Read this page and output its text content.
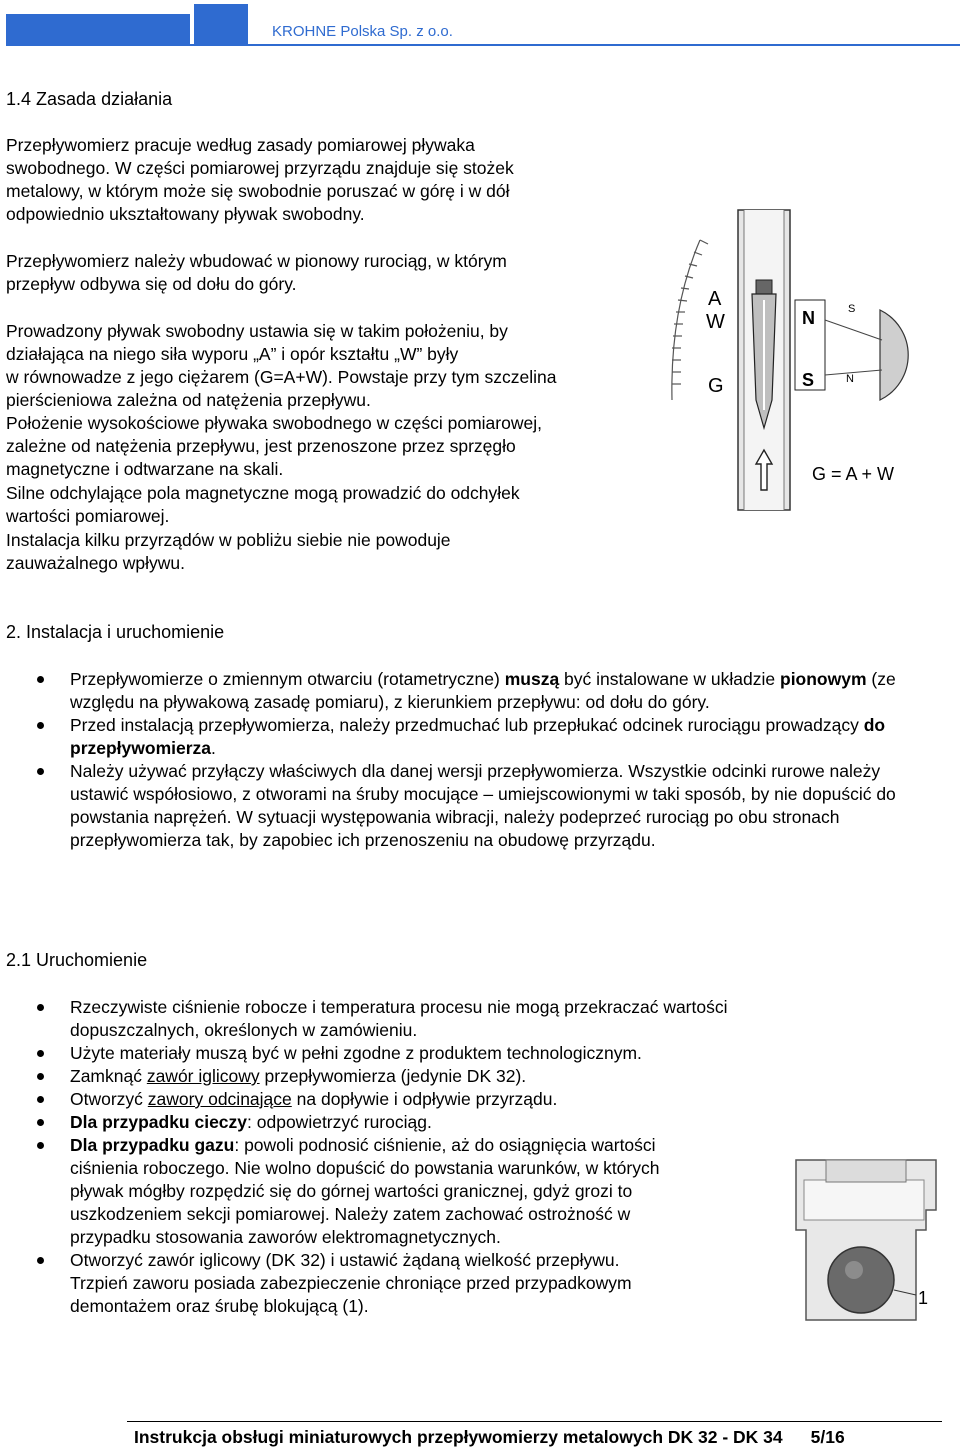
KROHNE Polska Sp. z o.o.
1.4 Zasada działania
Przepływomierz pracuje według zasady pomiarowej pływaka
swobodnego. W części pomiarowej przyrządu znajduje się stożek
metalowy, w którym może się swobodnie poruszać w górę i w dół
odpowiednio ukształtowany pływak swobodny.
Przepływomierz należy wbudować w pionowy rurociąg, w którym
przepływ odbywa się od dołu do góry.
Prowadzony pływak swobodny ustawia się w takim położeniu, by
działająca na niego siła wyporu „A” i opór kształtu „W” były
w równowadze z jego ciężarem (G=A+W). Powstaje przy tym szczelina
pierścieniowa zależna od natężenia przepływu.
Położenie wysokościowe pływaka swobodnego w części pomiarowej,
zależne od natężenia przepływu, jest przenoszone przez sprzęgło
magnetyczne i odtwarzane na skali.
Silne odchylające pola magnetyczne mogą prowadzić do odchyłek
wartości pomiarowej.
Instalacja kilku przyrządów w pobliżu siebie nie powoduje
zauważalnego wpływu.
N
S
S
N
A
W
G
G = A + W
2. Instalacja i uruchomienie
Przepływomierze o zmiennym otwarciu (rotametryczne) muszą być instalowane w układzie pionowym (ze względu na pływakową zasadę pomiaru), z kierunkiem przepływu: od dołu do góry.
Przed instalacją przepływomierza, należy przedmuchać lub przepłukać odcinek rurociągu prowadzący do przepływomierza.
Należy używać przyłączy właściwych dla danej wersji przepływomierza. Wszystkie odcinki rurowe należy ustawić współosiowo, z otworami na śruby mocujące – umiejscowionymi w taki sposób, by nie dopuścić do powstania naprężeń. W sytuacji występowania wibracji, należy podeprzeć rurociąg po obu stronach przepływomierza tak, by zapobiec ich przenoszeniu na obudowę przyrządu.
2.1 Uruchomienie
Rzeczywiste ciśnienie robocze i temperatura procesu nie mogą przekraczać wartości dopuszczalnych, określonych w zamówieniu.
Użyte materiały muszą być w pełni zgodne z produktem technologicznym.
Zamknąć zawór iglicowy przepływomierza (jedynie DK 32).
Otworzyć zawory odcinające na dopływie i odpływie przyrządu.
Dla przypadku cieczy: odpowietrzyć rurociąg.
Dla przypadku gazu: powoli podnosić ciśnienie, aż do osiągnięcia wartości
ciśnienia roboczego. Nie wolno dopuścić do powstania warunków, w których
pływak mógłby rozpędzić się do górnej wartości granicznej, gdyż grozi to
uszkodzeniem sekcji pomiarowej. Należy zatem zachować ostrożność w
przypadku stosowania zaworów elektromagnetycznych.
Otworzyć zawór iglicowy (DK 32) i ustawić żądaną wielkość przepływu.
Trzpień zaworu posiada zabezpieczenie chroniące przed przypadkowym
demontażem oraz śrubę blokującą (1).	1
Instrukcja obsługi miniaturowych przepływomierzy metalowych DK 32 - DK 34 5/16
